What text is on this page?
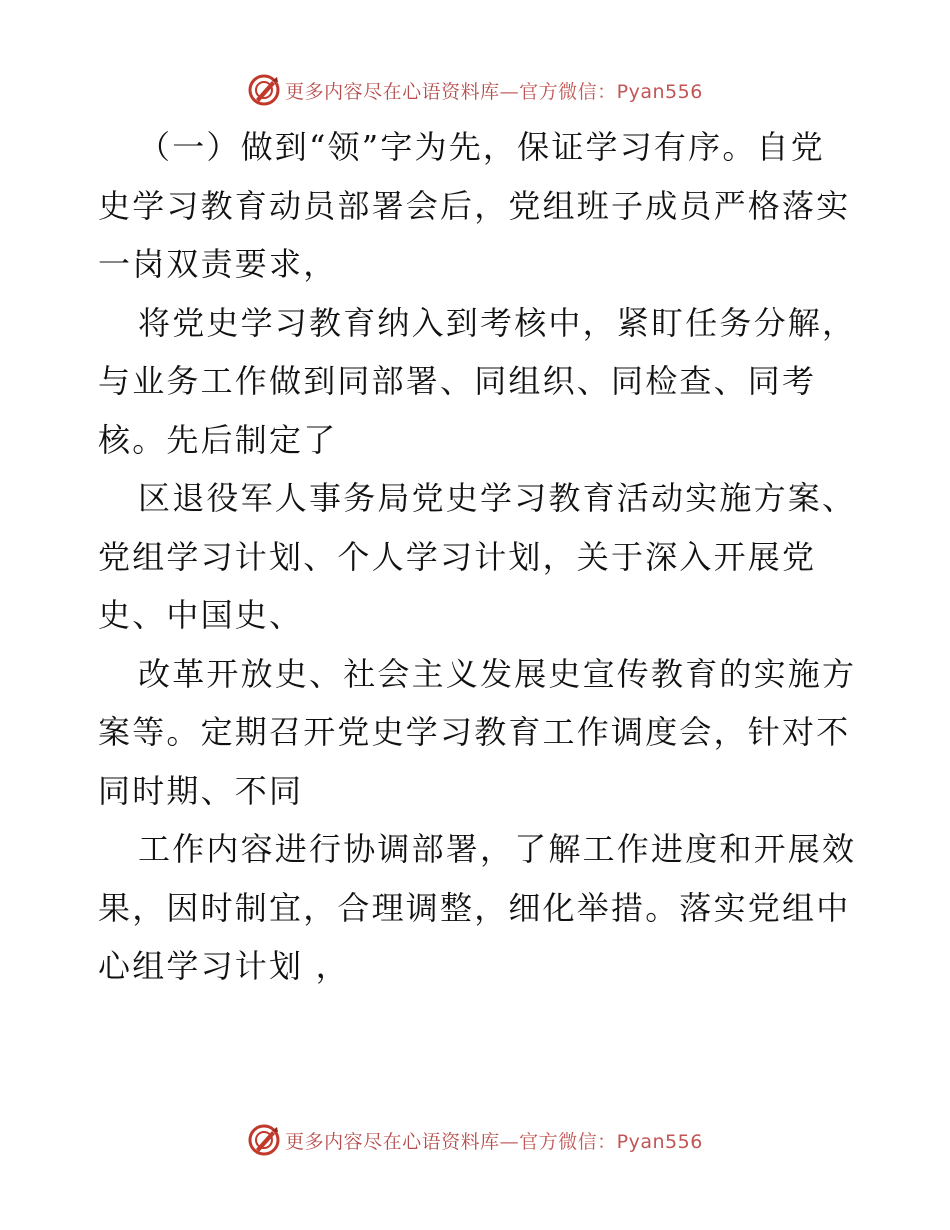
更多内容尽在心语资料库—官方微信：Pyan556

（一）做到“领”字为先，保证学习有序。自党史学习教育动员部署会后，党组班子成员严格落实一岗双责要求，

将党史学习教育纳入到考核中，紧盯任务分解，与业务工作做到同部署、同组织、同检查、同考核。先后制定了

区退役军人事务局党史学习教育活动实施方案、党组学习计划、个人学习计划，关于深入开展党史、中国史、

改革开放史、社会主义发展史宣传教育的实施方案等。定期召开党史学习教育工作调度会，针对不同时期、不同

工作内容进行协调部署，了解工作进度和开展效果，因时制宜，合理调整，细化举措。落实党组中心组学习计划 ，

更多内容尽在心语资料库—官方微信：Pyan556
